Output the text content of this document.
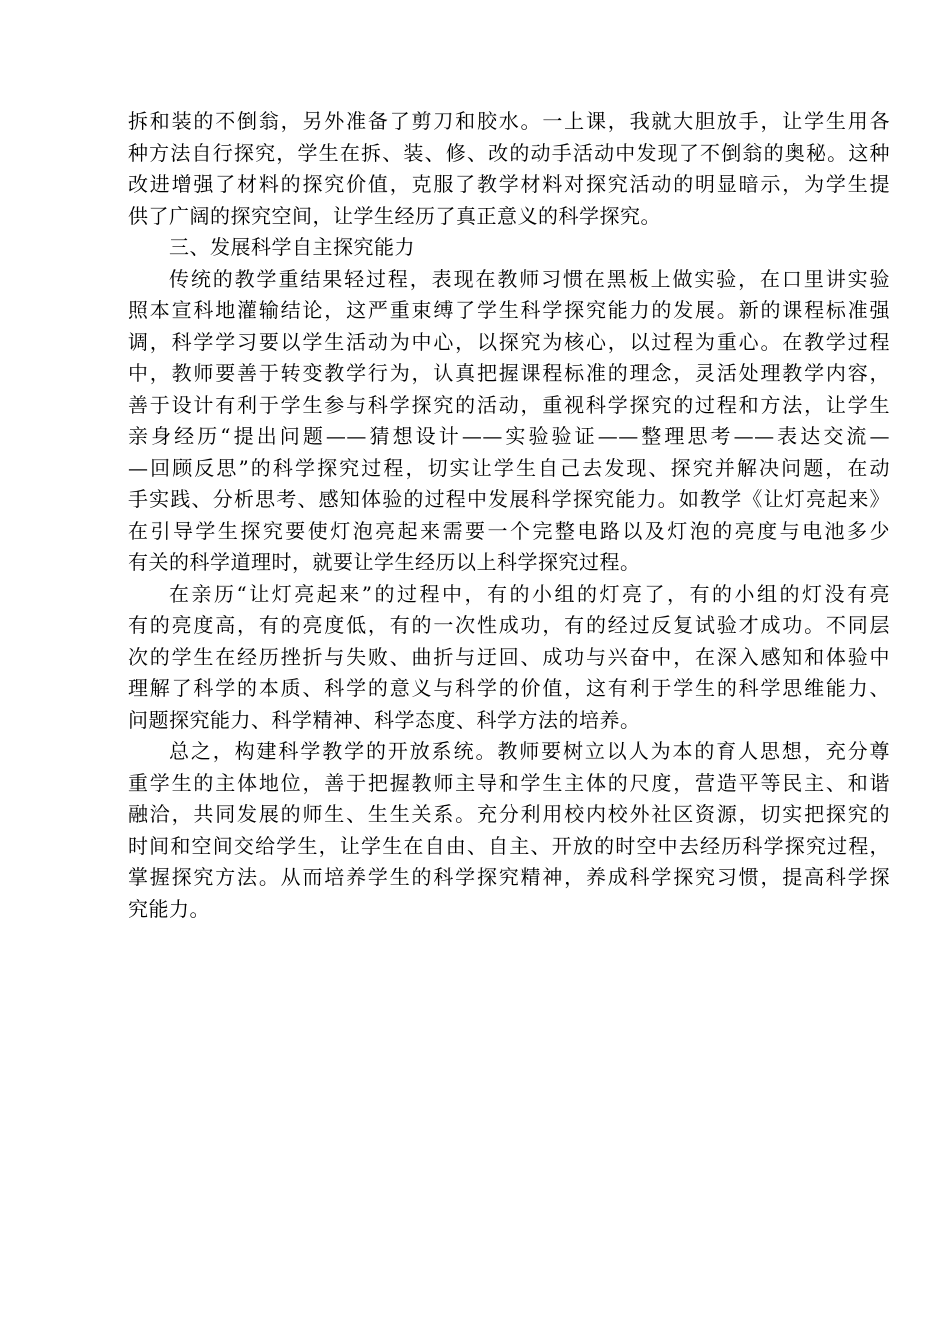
拆和装的不倒翁，另外准备了剪刀和胶水。一上课，我就大胆放手，让学生用各
种方法自行探究，学生在拆、装、修、改的动手活动中发现了不倒翁的奥秘。这种
改进增强了材料的探究价值，克服了教学材料对探究活动的明显暗示，为学生提
供了广阔的探究空间，让学生经历了真正意义的科学探究。
三、发展科学自主探究能力
传统的教学重结果轻过程，表现在教师习惯在黑板上做实验，在口里讲实验
照本宣科地灌输结论，这严重束缚了学生科学探究能力的发展。新的课程标准强
调，科学学习要以学生活动为中心，以探究为核心，以过程为重心。在教学过程
中，教师要善于转变教学行为，认真把握课程标准的理念，灵活处理教学内容，
善于设计有利于学生参与科学探究的活动，重视科学探究的过程和方法，让学生
亲身经历“提出问题——猜想设计——实验验证——整理思考——表达交流—
—回顾反思”的科学探究过程，切实让学生自己去发现、探究并解决问题，在动
手实践、分析思考、感知体验的过程中发展科学探究能力。如教学《让灯亮起来》
在引导学生探究要使灯泡亮起来需要一个完整电路以及灯泡的亮度与电池多少
有关的科学道理时，就要让学生经历以上科学探究过程。
在亲历“让灯亮起来”的过程中，有的小组的灯亮了，有的小组的灯没有亮
有的亮度高，有的亮度低，有的一次性成功，有的经过反复试验才成功。不同层
次的学生在经历挫折与失败、曲折与迂回、成功与兴奋中，在深入感知和体验中
理解了科学的本质、科学的意义与科学的价值，这有利于学生的科学思维能力、
问题探究能力、科学精神、科学态度、科学方法的培养。
总之，构建科学教学的开放系统。教师要树立以人为本的育人思想，充分尊
重学生的主体地位，善于把握教师主导和学生主体的尺度，营造平等民主、和谐
融洽，共同发展的师生、生生关系。充分利用校内校外社区资源，切实把探究的
时间和空间交给学生，让学生在自由、自主、开放的时空中去经历科学探究过程，
掌握探究方法。从而培养学生的科学探究精神，养成科学探究习惯，提高科学探
究能力。
